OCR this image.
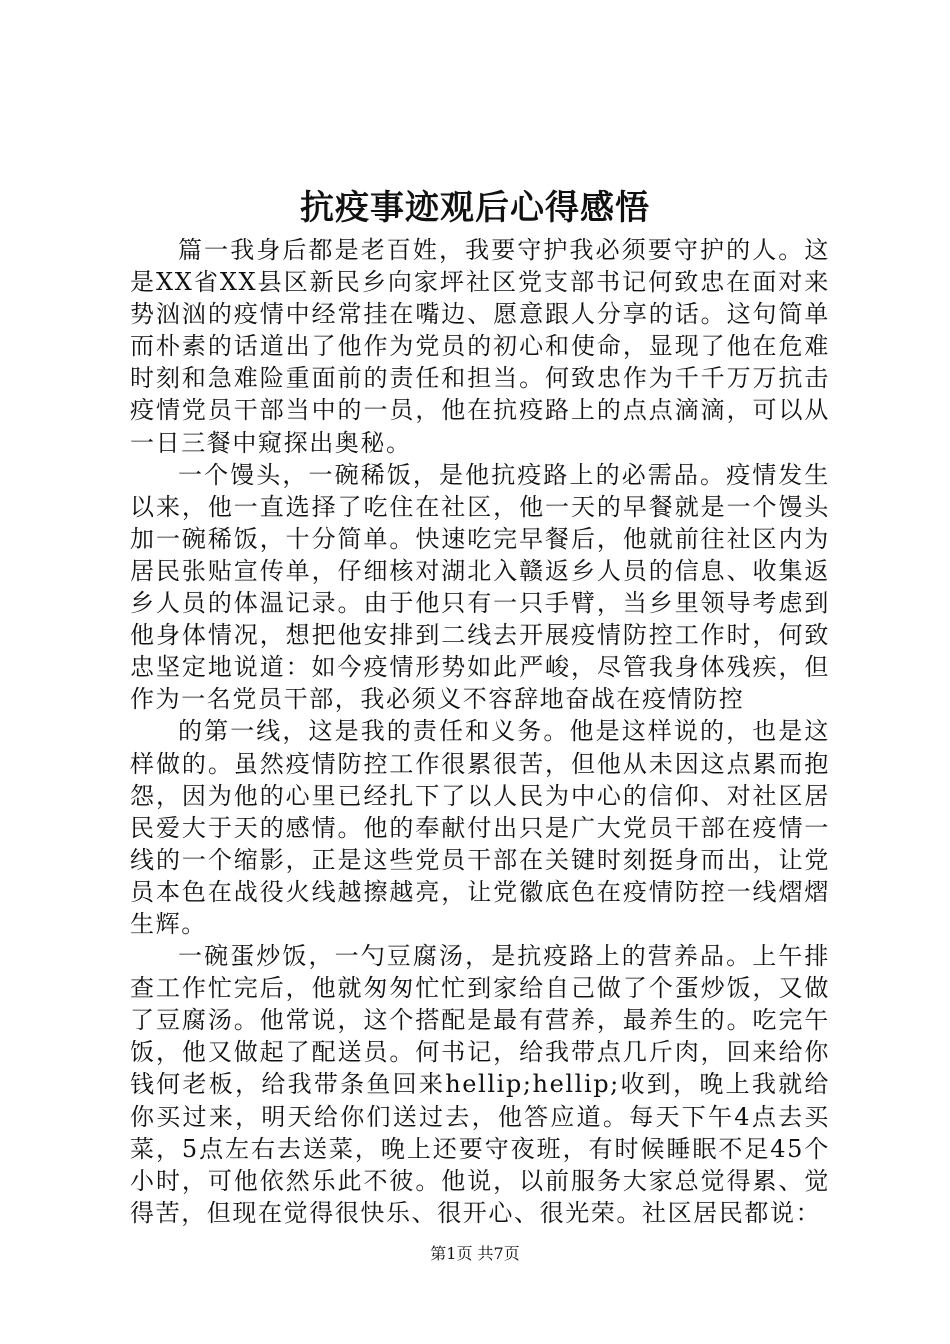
抗疫事迹观后心得感悟

篇一我身后都是老百姓，我要守护我必须要守护的人。这是XX省XX县区新民乡向家坪社区党支部书记何致忠在面对来势汹汹的疫情中经常挂在嘴边、愿意跟人分享的话。这句简单而朴素的话道出了他作为党员的初心和使命，显现了他在危难时刻和急难险重面前的责任和担当。何致忠作为千千万万抗击疫情党员干部当中的一员，他在抗疫路上的点点滴滴，可以从一日三餐中窥探出奥秘。

一个馒头，一碗稀饭，是他抗疫路上的必需品。疫情发生以来，他一直选择了吃住在社区，他一天的早餐就是一个馒头加一碗稀饭，十分简单。快速吃完早餐后，他就前往社区内为居民张贴宣传单，仔细核对湖北入赣返乡人员的信息、收集返乡人员的体温记录。由于他只有一只手臂，当乡里领导考虑到他身体情况，想把他安排到二线去开展疫情防控工作时，何致忠坚定地说道：如今疫情形势如此严峻，尽管我身体残疾，但作为一名党员干部，我必须义不容辞地奋战在疫情防控

的第一线，这是我的责任和义务。他是这样说的，也是这样做的。虽然疫情防控工作很累很苦，但他从未因这点累而抱怨，因为他的心里已经扎下了以人民为中心的信仰、对社区居民爱大于天的感情。他的奉献付出只是广大党员干部在疫情一线的一个缩影，正是这些党员干部在关键时刻挺身而出，让党员本色在战役火线越擦越亮，让党徽底色在疫情防控一线熠熠生辉。

一碗蛋炒饭，一勺豆腐汤，是抗疫路上的营养品。上午排查工作忙完后，他就匆匆忙忙到家给自己做了个蛋炒饭，又做了豆腐汤。他常说，这个搭配是最有营养，最养生的。吃完午饭，他又做起了配送员。何书记，给我带点几斤肉，回来给你钱何老板，给我带条鱼回来hellip;hellip;收到，晚上我就给你买过来，明天给你们送过去，他答应道。每天下午4点去买菜，5点左右去送菜，晚上还要守夜班，有时候睡眠不足45个小时，可他依然乐此不彼。他说，以前服务大家总觉得累、觉得苦，但现在觉得很快乐、很开心、很光荣。社区居民都说：

第1页 共7页
